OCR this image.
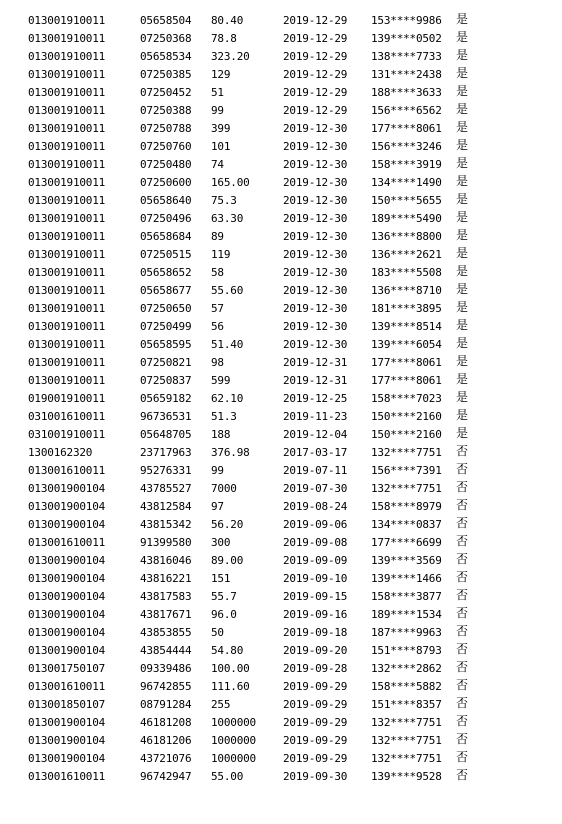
013001910011	05658504 80.40	2019-12-29 153****9986 是
013001910011	07250368 78.8	2019-12-29 139****0502 是
013001910011	05658534 323.20	2019-12-29 138****7733 是
013001910011	07250385 129	2019-12-29 131****2438 是
013001910011	07250452 51	2019-12-29 188****3633 是
013001910011	07250388 99	2019-12-29 156****6562 是
013001910011	07250788 399	2019-12-30 177****8061 是
013001910011	07250760 101	2019-12-30 156****3246 是
013001910011	07250480 74	2019-12-30 158****3919 是
013001910011	07250600 165.00	2019-12-30 134****1490 是
013001910011	05658640 75.3	2019-12-30 150****5655 是
013001910011	07250496 63.30	2019-12-30 189****5490 是
013001910011	05658684 89	2019-12-30 136****8800 是
013001910011	07250515 119	2019-12-30 136****2621 是
013001910011	05658652 58	2019-12-30 183****5508 是
013001910011	05658677 55.60	2019-12-30 136****8710 是
013001910011	07250650 57	2019-12-30 181****3895 是
013001910011	07250499 56	2019-12-30 139****8514 是
013001910011	05658595 51.40	2019-12-30 139****6054 是
013001910011	07250821 98	2019-12-31 177****8061 是
013001910011	07250837 599	2019-12-31 177****8061 是
019001910011	05659182 62.10	2019-12-25 158****7023 是
031001610011	96736531 51.3	2019-11-23 150****2160 是
031001910011	05648705 188	2019-12-04 150****2160 是
1300162320	23717963 376.98	2017-03-17 132****7751 否
013001610011	95276331 99	2019-07-11 156****7391 否
013001900104	43785527 7000	2019-07-30 132****7751 否
013001900104	43812584 97	2019-08-24 158****8979 否
013001900104	43815342 56.20	2019-09-06 134****0837 否
013001610011	91399580 300	2019-09-08 177****6699 否
013001900104	43816046 89.00	2019-09-09 139****3569 否
013001900104	43816221 151	2019-09-10 139****1466 否
013001900104	43817583 55.7	2019-09-15 158****3877 否
013001900104	43817671 96.0	2019-09-16 189****1534 否
013001900104	43853855 50	2019-09-18 187****9963 否
013001900104	43854444 54.80	2019-09-20 151****8793 否
013001750107	09339486 100.00	2019-09-28 132****2862 否
013001610011	96742855 111.60	2019-09-29 158****5882 否
013001850107	08791284 255	2019-09-29 151****8357 否
013001900104	46181208 1000000 2019-09-29 132****7751 否
013001900104	46181206 1000000 2019-09-29 132****7751 否
013001900104	43721076 1000000 2019-09-29 132****7751 否
013001610011	96742947 55.00	2019-09-30 139****9528 否
